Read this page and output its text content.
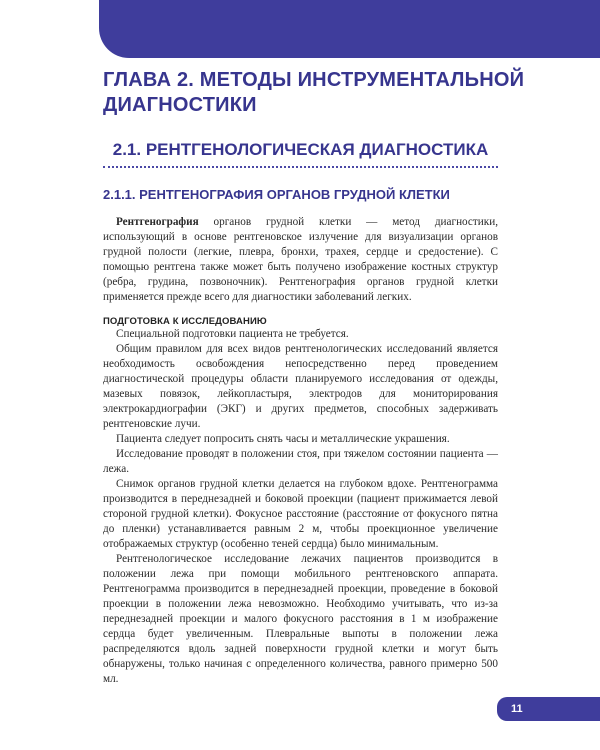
ГЛАВА 2. МЕТОДЫ ИНСТРУМЕНТАЛЬНОЙ ДИАГНОСТИКИ
2.1. РЕНТГЕНОЛОГИЧЕСКАЯ ДИАГНОСТИКА
2.1.1. РЕНТГЕНОГРАФИЯ ОРГАНОВ ГРУДНОЙ КЛЕТКИ

Рентгенография органов грудной клетки — метод диагностики, использующий в основе рентгеновское излучение для визуализации органов грудной полости (легкие, плевра, бронхи, трахея, сердце и средостение). С помощью рентгена также может быть получено изображение костных структур (ребра, грудина, позвоночник). Рентгенография органов грудной клетки применяется прежде всего для диагностики заболеваний легких.

ПОДГОТОВКА К ИССЛЕДОВАНИЮ

Специальной подготовки пациента не требуется.

Общим правилом для всех видов рентгенологических исследований является необходимость освобождения непосредственно перед проведением диагностической процедуры области планируемого исследования от одежды, мазевых повязок, лейкопластыря, электродов для мониторирования электрокардиографии (ЭКГ) и других предметов, способных задерживать рентгеновские лучи.

Пациента следует попросить снять часы и металлические украшения.

Исследование проводят в положении стоя, при тяжелом состоянии пациента — лежа.

Снимок органов грудной клетки делается на глубоком вдохе. Рентгенограмма производится в переднезадней и боковой проекции (пациент прижимается левой стороной грудной клетки). Фокусное расстояние (расстояние от фокусного пятна до пленки) устанавливается равным 2 м, чтобы проекционное увеличение отображаемых структур (особенно теней сердца) было минимальным.

Рентгенологическое исследование лежачих пациентов производится в положении лежа при помощи мобильного рентгеновского аппарата. Рентгенограмма производится в переднезадней проекции, проведение в боковой проекции в положении лежа невозможно. Необходимо учитывать, что из-за переднезадней проекции и малого фокусного расстояния в 1 м изображение сердца будет увеличенным. Плевральные выпоты в положении лежа распределяются вдоль задней поверхности грудной клетки и могут быть обнаружены, только начиная с определенного количества, равного примерно 500 мл.

11
